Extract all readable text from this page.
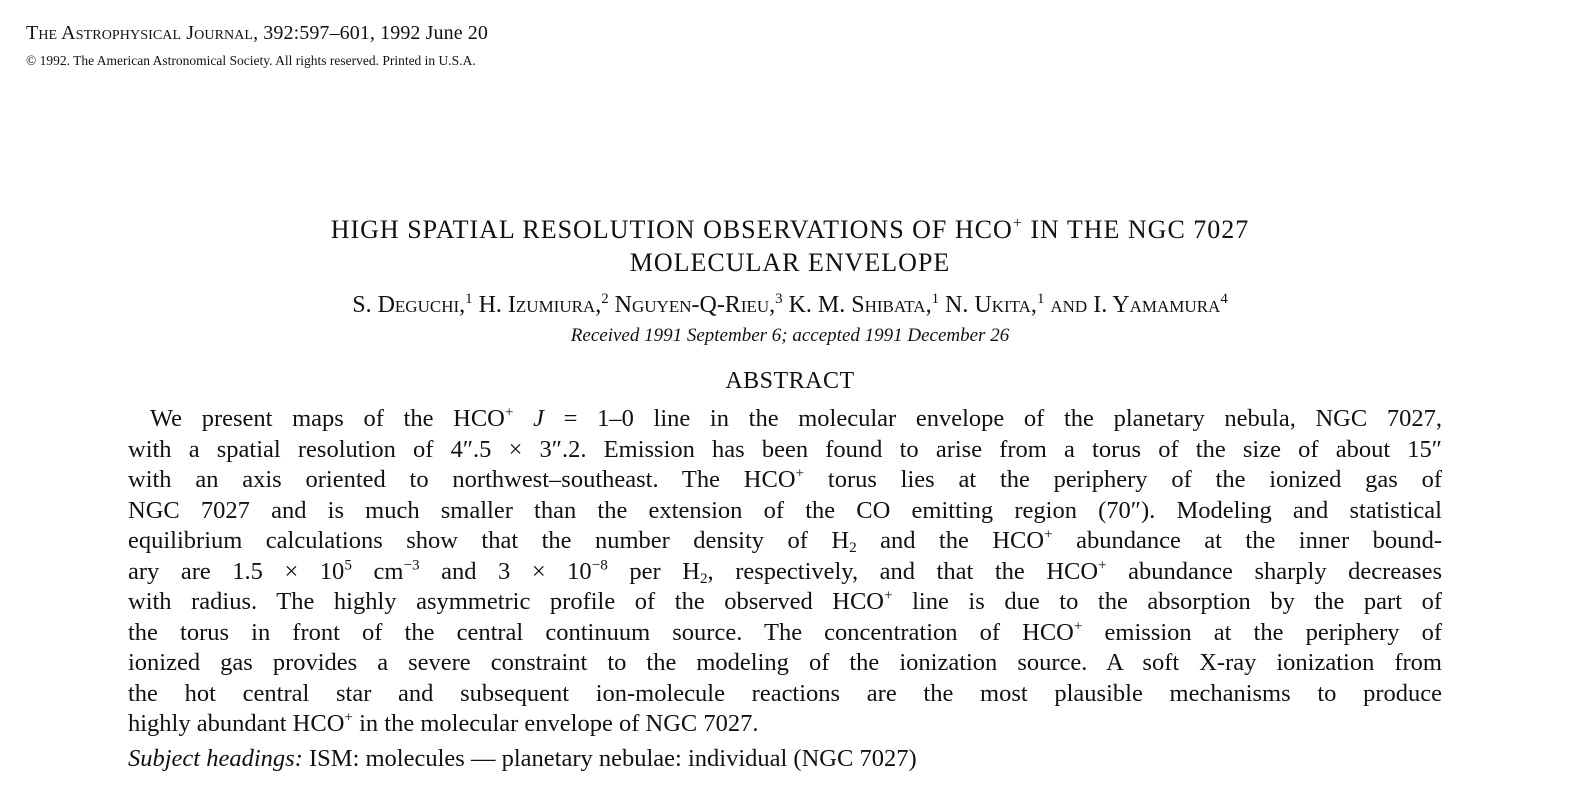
The Astrophysical Journal, 392:597–601, 1992 June 20
© 1992. The American Astronomical Society. All rights reserved. Printed in U.S.A.
HIGH SPATIAL RESOLUTION OBSERVATIONS OF HCO+ IN THE NGC 7027
MOLECULAR ENVELOPE
S. Deguchi,$^1$ H. Izumiura,$^2$ Nguyen-Q-Rieu,$^3$ K. M. Shibata,$^1$ N. Ukita,$^1$ and I. Yamamura$^4$
Received 1991 September 6; accepted 1991 December 26
ABSTRACT
We present maps of the HCO+ J = 1–0 line in the molecular envelope of the planetary nebula, NGC 7027,
with a spatial resolution of 4″.5 × 3″.2. Emission has been found to arise from a torus of the size of about 15″
with an axis oriented to northwest–southeast. The HCO+ torus lies at the periphery of the ionized gas of
NGC 7027 and is much smaller than the extension of the CO emitting region (70″). Modeling and statistical
equilibrium calculations show that the number density of $H_2$ and the HCO+ abundance at the inner bound-
ary are $1.5 \times 10^5$ $cm^{-3}$ and $3 \times 10^{-8}$ per $H_2$, respectively, and that the HCO+ abundance sharply decreases
with radius. The highly asymmetric profile of the observed HCO+ line is due to the absorption by the part of
the torus in front of the central continuum source. The concentration of HCO+ emission at the periphery of
ionized gas provides a severe constraint to the modeling of the ionization source. A soft X-ray ionization from
the hot central star and subsequent ion-molecule reactions are the most plausible mechanisms to produce
highly abundant HCO+ in the molecular envelope of NGC 7027.
Subject headings: ISM: molecules — planetary nebulae: individual (NGC 7027)
